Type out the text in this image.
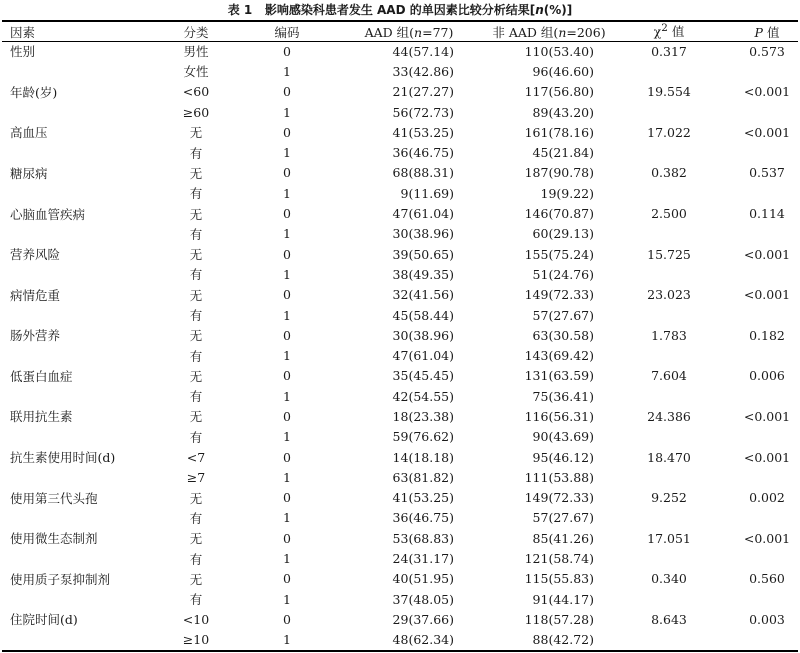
表 1 影响感染科患者发生 AAD 的单因素比较分析结果[n(%)]
因素	分类	编码	AAD 组(n=77)	非 AAD 组(n=206)	$\chi^2$ 值	P 值
性别	男性	0	44(57.14)	110(53.40)	0.317	0.573
	女性	1	33(42.86)	96(46.60)		
年龄(岁)	<60	0	21(27.27)	117(56.80)	19.554	<0.001
	≥60	1	56(72.73)	89(43.20)		
高血压	无	0	41(53.25)	161(78.16)	17.022	<0.001
	有	1	36(46.75)	45(21.84)		
糖尿病	无	0	68(88.31)	187(90.78)	0.382	0.537
	有	1	9(11.69)	19(9.22)		
心脑血管疾病	无	0	47(61.04)	146(70.87)	2.500	0.114
	有	1	30(38.96)	60(29.13)		
营养风险	无	0	39(50.65)	155(75.24)	15.725	<0.001
	有	1	38(49.35)	51(24.76)		
病情危重	无	0	32(41.56)	149(72.33)	23.023	<0.001
	有	1	45(58.44)	57(27.67)		
肠外营养	无	0	30(38.96)	63(30.58)	1.783	0.182
	有	1	47(61.04)	143(69.42)		
低蛋白血症	无	0	35(45.45)	131(63.59)	7.604	0.006
	有	1	42(54.55)	75(36.41)		
联用抗生素	无	0	18(23.38)	116(56.31)	24.386	<0.001
	有	1	59(76.62)	90(43.69)		
抗生素使用时间(d)	<7	0	14(18.18)	95(46.12)	18.470	<0.001
	≥7	1	63(81.82)	111(53.88)		
使用第三代头孢	无	0	41(53.25)	149(72.33)	9.252	0.002
	有	1	36(46.75)	57(27.67)		
使用微生态制剂	无	0	53(68.83)	85(41.26)	17.051	<0.001
	有	1	24(31.17)	121(58.74)		
使用质子泵抑制剂	无	0	40(51.95)	115(55.83)	0.340	0.560
	有	1	37(48.05)	91(44.17)		
住院时间(d)	<10	0	29(37.66)	118(57.28)	8.643	0.003
	≥10	1	48(62.34)	88(42.72)		
